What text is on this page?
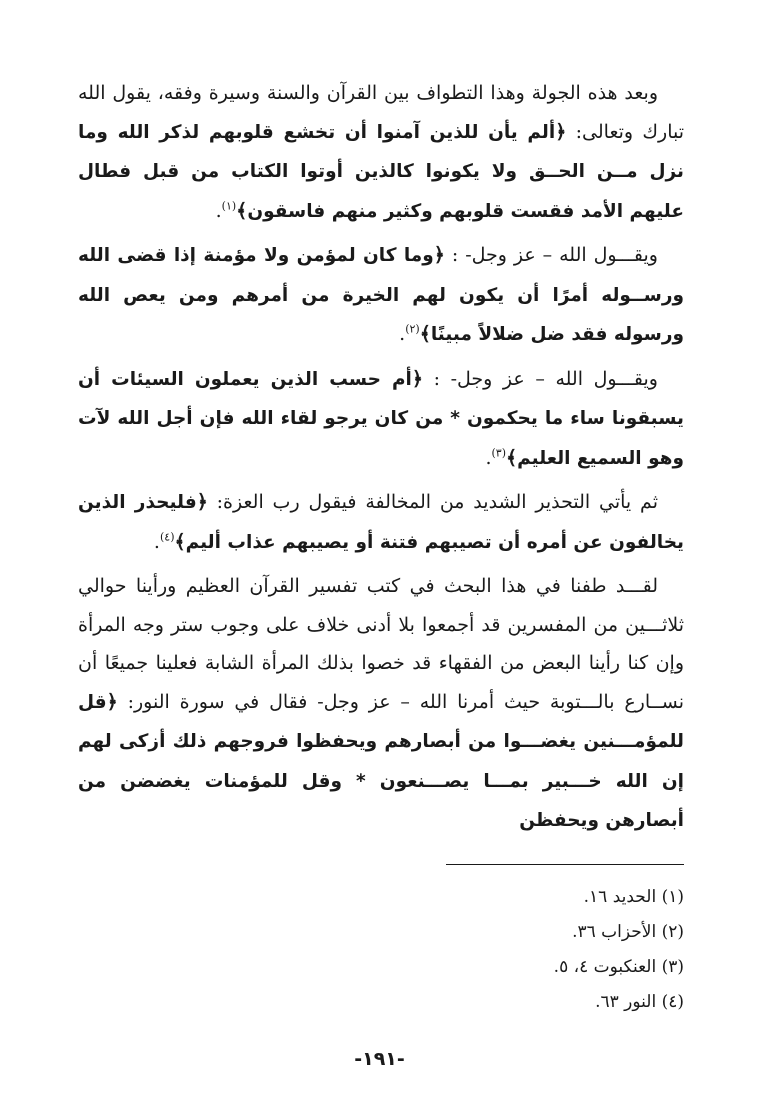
وبعد هذه الجولة وهذا التطواف بين القرآن والسنة وسيرة وفقه، يقول الله تبارك وتعالى: ﴿ألم يأن للذين آمنوا أن تخشع قلوبهم لذكر الله وما نزل مــن الحــق ولا يكونوا كالذين أوتوا الكتاب من قبل فطال عليهم الأمد فقست قلوبهم وكثير منهم فاسقون﴾$^{(١)}$.

ويقـــول الله – عز وجل- : ﴿وما كان لمؤمن ولا مؤمنة إذا قضى الله ورســوله أمرًا أن يكون لهم الخيرة من أمرهم ومن يعص الله ورسوله فقد ضل ضلالاً مبينًا﴾$^{(٢)}$.

ويقـــول الله – عز وجل- : ﴿أم حسب الذين يعملون السيئات أن يسبقونا ساء ما يحكمون * من كان يرجو لقاء الله فإن أجل الله لآت وهو السميع العليم﴾$^{(٣)}$.

ثم يأتي التحذير الشديد من المخالفة فيقول رب العزة: ﴿فليحذر الذين يخالفون عن أمره أن تصيبهم فتنة أو يصيبهم عذاب أليم﴾$^{(٤)}$.

لقـــد طفنا في هذا البحث في كتب تفسير القرآن العظيم ورأينا حوالي ثلاثـــين من المفسرين قد أجمعوا بلا أدنى خلاف على وجوب ستر وجه المرأة وإن كنا رأينا البعض من الفقهاء قد خصوا بذلك المرأة الشابة فعلينا جميعًا أن نســارع بالـــتوبة حيث أمرنا الله – عز وجل- فقال في سورة النور: ﴿قل للمؤمـــنين يغضـــوا من أبصارهم ويحفظوا فروجهم ذلك أزكى لهم إن الله خـــبير بمـــا يصـــنعون * وقل للمؤمنات يغضضن من أبصارهن ويحفظن

(١) الحديد ١٦.

(٢) الأحزاب ٣٦.

(٣) العنكبوت ٤، ٥.

(٤) النور ٦٣.

-١٩١-
